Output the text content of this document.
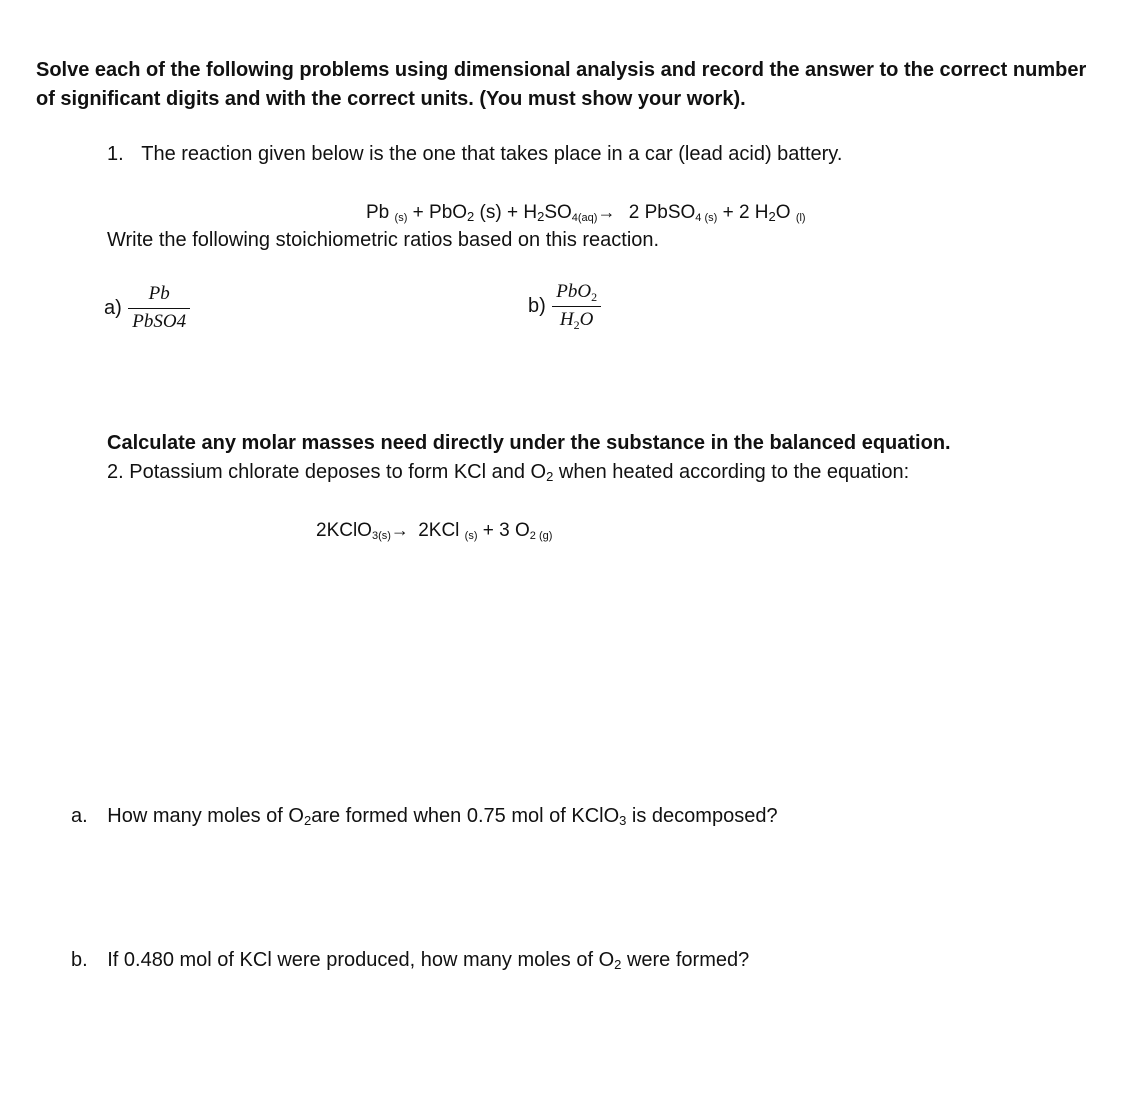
Solve each of the following problems using dimensional analysis and record the answer to the correct number of significant digits and with the correct units. (You must show your work).
1. The reaction given below is the one that takes place in a car (lead acid) battery.
Pb $_{(s)}$ + PbO$_2$ $(s) + H_2SO_{4(aq)}\to 2$ PbSO$_{4 (s)}$ + 2 $H_2O$ $_{(l)}$
Write the following stoichiometric ratios based on this reaction.
$a) \frac{Pb}{\text{PbSO4}}$	$b) \frac{PbO_2}{H_2O}$
Calculate any molar masses need directly under the substance in the balanced equation.
2. Potassium chlorate deposes to form KCl and $O_2$ when heated according to the equation:
2KClO$_{3(s)}$→ 2KCl $_{(s)}$ + 3 $O_{2 (g)}$
a. How many moles of $O_2are$ formed when 0.75 mol of KClO$_3$ is decomposed?
b. If 0.480 mol of KCl were produced, how many moles of $O_2$ were formed?
